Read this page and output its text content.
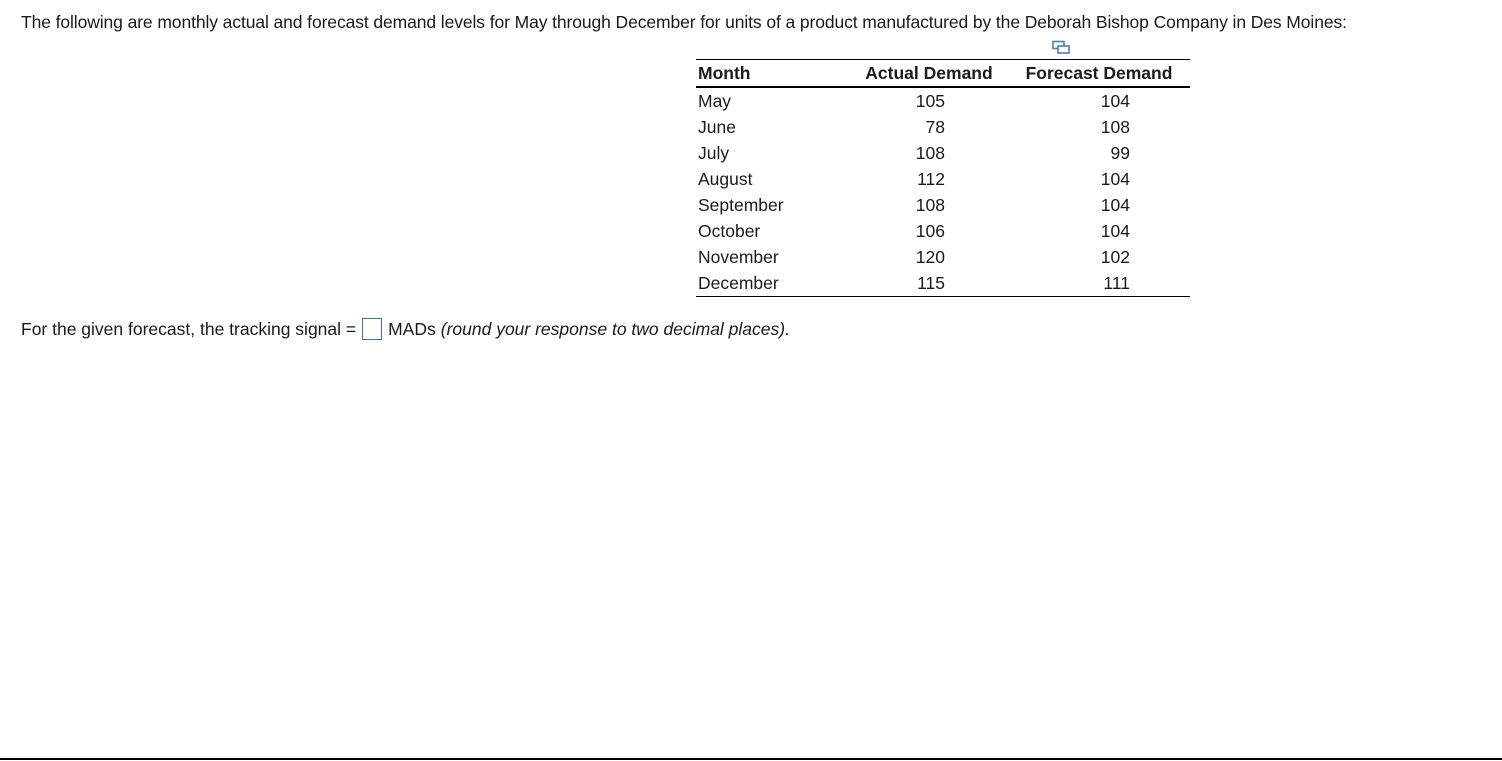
The following are monthly actual and forecast demand levels for May through December for units of a product manufactured by the Deborah Bishop Company in Des Moines:
Month	Actual Demand	Forecast Demand
May	105	104
June	78	108
July	108	99
August	112	104
September	108	104
October	106	104
November	120	102
December	115	111
For the given forecast, the tracking signal = MADs (round your response to two decimal places).
